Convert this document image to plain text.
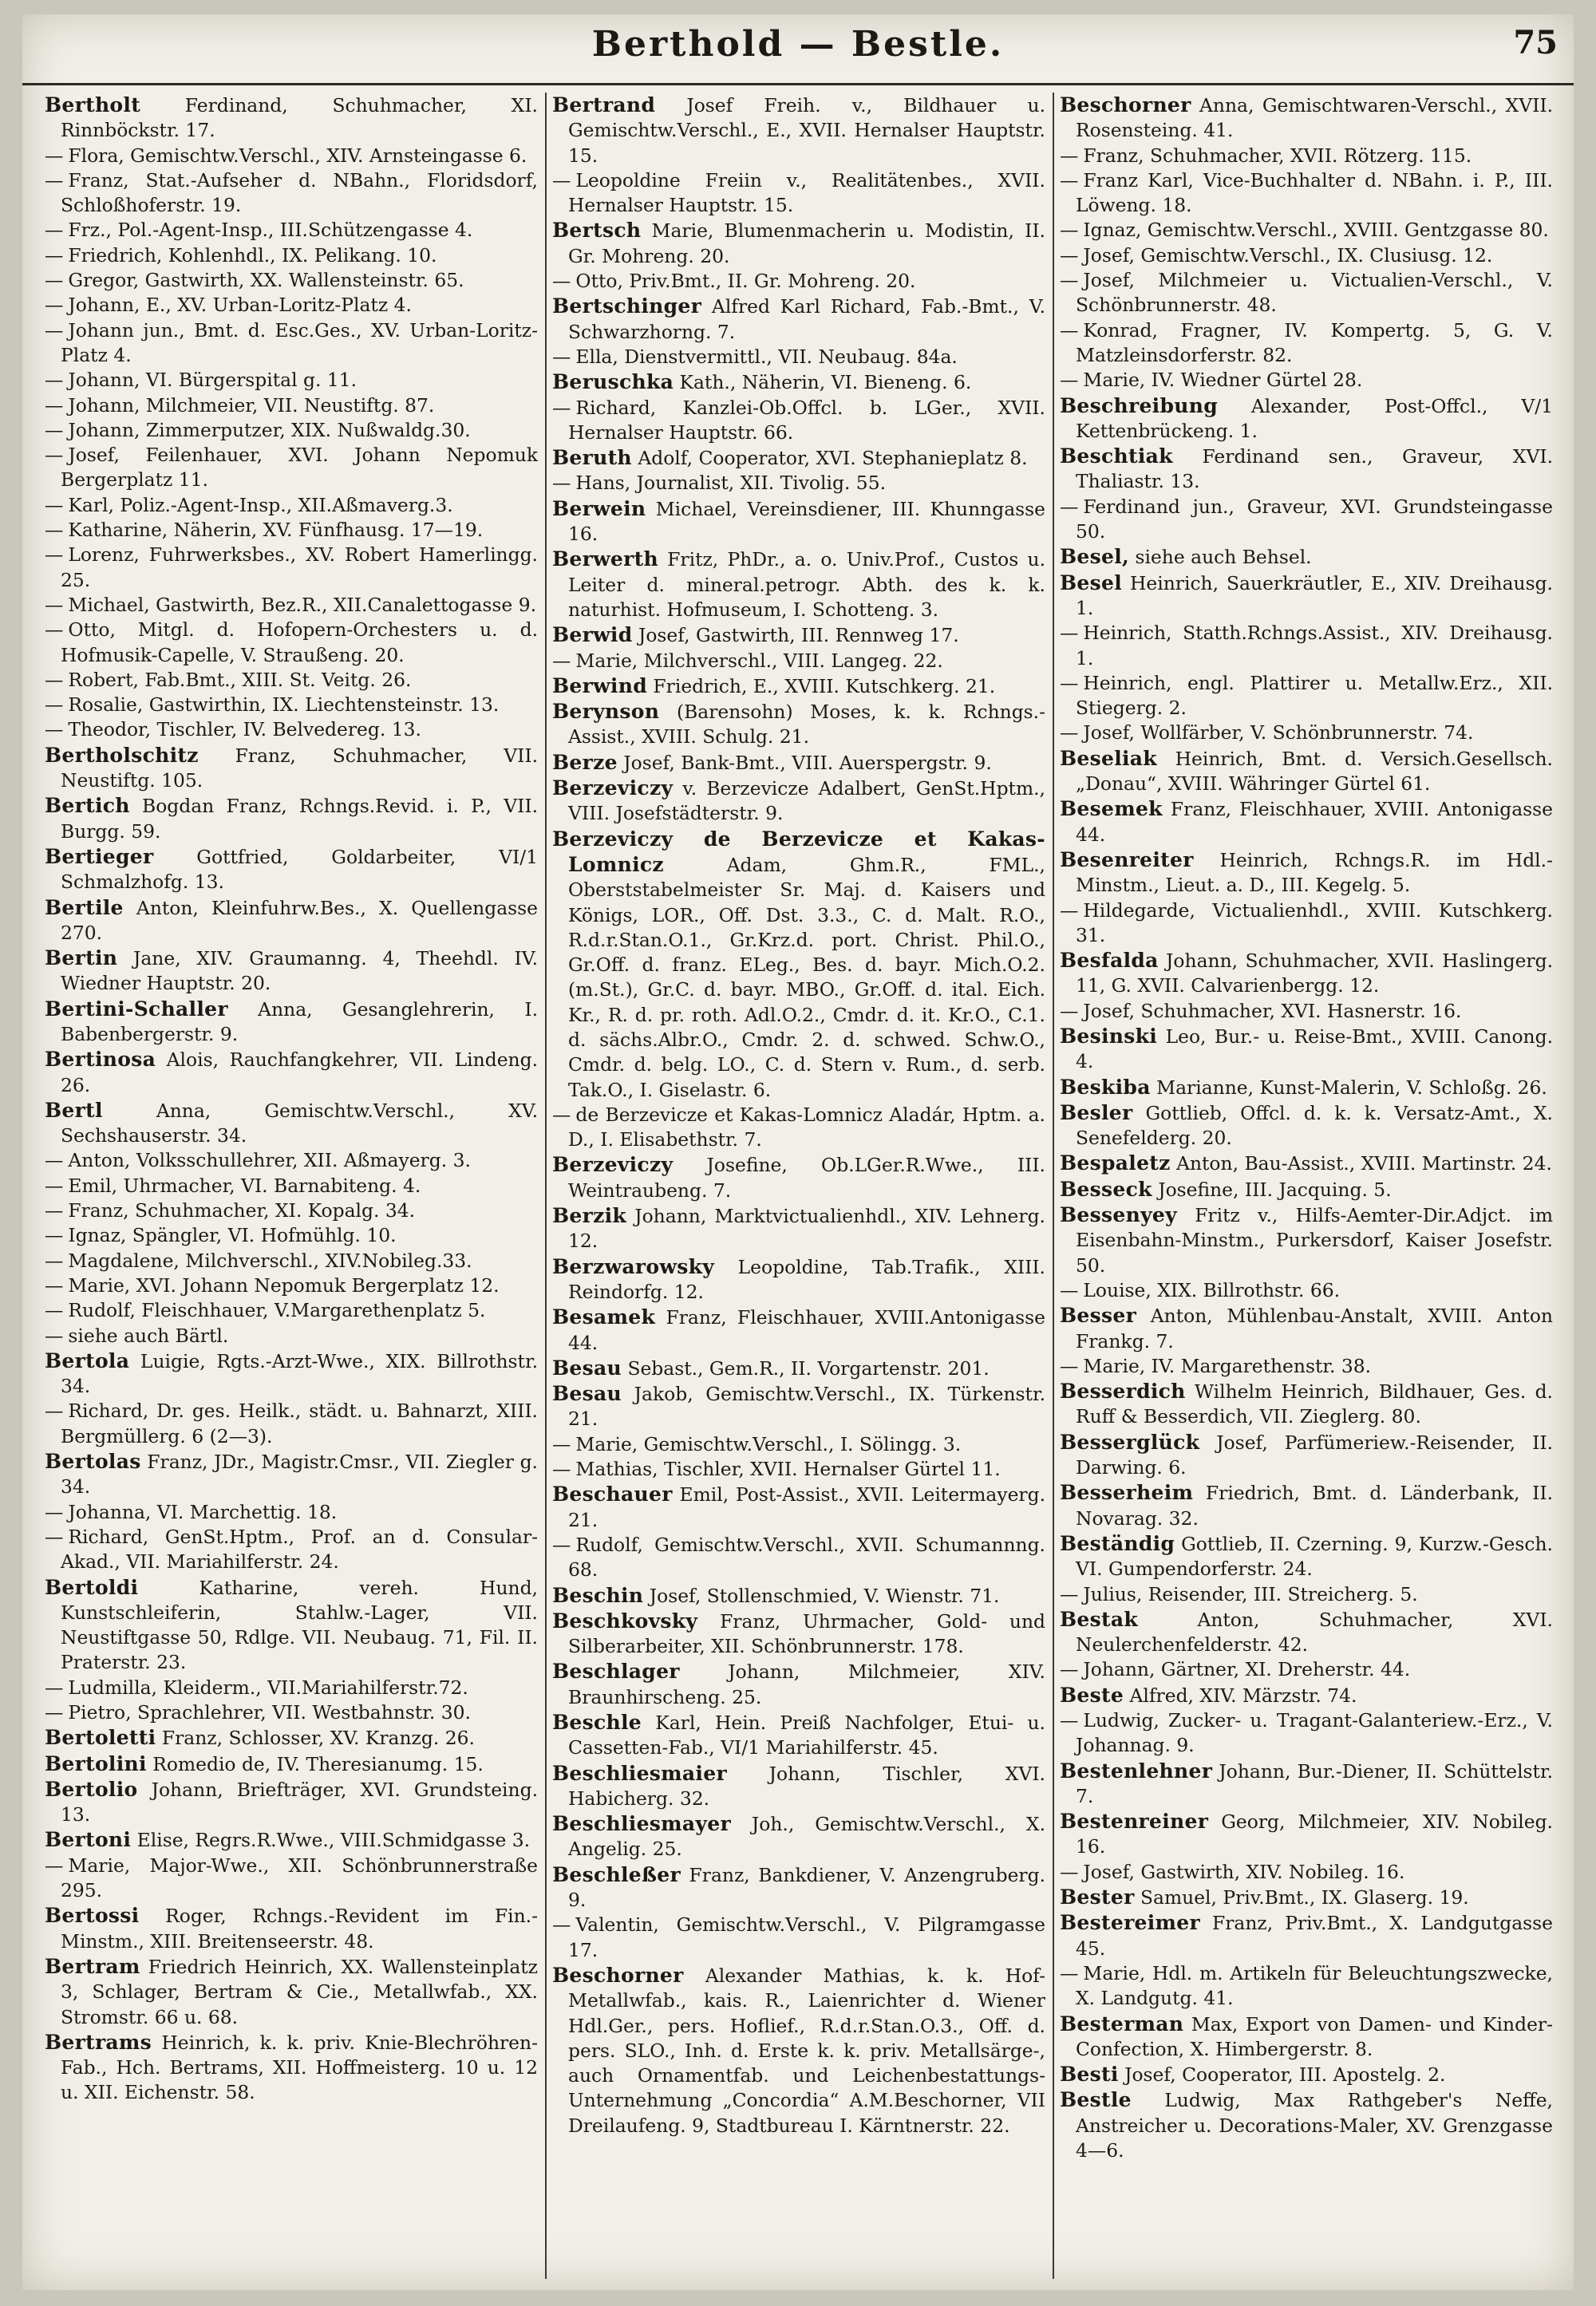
Berthold — Bestle.	75

Bertholt Ferdinand, Schuhmacher, XI. Rinnböckstr. 17.

— Flora, Gemischtw.Verschl., XIV. Arnsteingasse 6.

— Franz, Stat.-Aufseher d. NBahn., Floridsdorf, Schloßhoferstr. 19.

— Frz., Pol.-Agent-Insp., III.Schützengasse 4.

— Friedrich, Kohlenhdl., IX. Pelikang. 10.

— Gregor, Gastwirth, XX. Wallensteinstr. 65.

— Johann, E., XV. Urban-Loritz-Platz 4.

— Johann jun., Bmt. d. Esc.Ges., XV. Urban-Loritz-Platz 4.

— Johann, VI. Bürgerspital g. 11.

— Johann, Milchmeier, VII. Neustiftg. 87.

— Johann, Zimmerputzer, XIX. Nußwaldg.30.

— Josef, Feilenhauer, XVI. Johann Nepomuk Bergerplatz 11.

— Karl, Poliz.-Agent-Insp., XII.Aßmaverg.3.

— Katharine, Näherin, XV. Fünfhausg. 17—19.

— Lorenz, Fuhrwerksbes., XV. Robert Hamerlingg. 25.

— Michael, Gastwirth, Bez.R., XII.Canalettogasse 9.

— Otto, Mitgl. d. Hofopern-Orchesters u. d. Hofmusik-Capelle, V. Straußeng. 20.

— Robert, Fab.Bmt., XIII. St. Veitg. 26.

— Rosalie, Gastwirthin, IX. Liechtensteinstr. 13.

— Theodor, Tischler, IV. Belvedereg. 13.

Bertholschitz Franz, Schuhmacher, VII. Neustiftg. 105.

Bertich Bogdan Franz, Rchngs.Revid. i. P., VII. Burgg. 59.

Bertieger Gottfried, Goldarbeiter, VI/1 Schmalzhofg. 13.

Bertile Anton, Kleinfuhrw.Bes., X. Quellengasse 270.

Bertin Jane, XIV. Graumanng. 4, Theehdl. IV. Wiedner Hauptstr. 20.

Bertini-Schaller Anna, Gesanglehrerin, I. Babenbergerstr. 9.

Bertinosa Alois, Rauchfangkehrer, VII. Lindeng. 26.

Bertl	Anna, Gemischtw.Verschl., XV. Sechshauserstr. 34.

— Anton, Volksschullehrer, XII. Aßmayerg. 3.

— Emil, Uhrmacher, VI. Barnabiteng. 4.

— Franz, Schuhmacher, XI. Kopalg. 34.

— Ignaz, Spängler, VI. Hofmühlg. 10.

— Magdalene, Milchverschl., XIV.Nobileg.33.

— Marie, XVI. Johann Nepomuk Bergerplatz 12.

— Rudolf, Fleischhauer, V.Margarethenplatz 5.

— siehe auch Bärtl.

Bertola Luigie, Rgts.-Arzt-Wwe., XIX. Billrothstr. 34.

— Richard, Dr. ges. Heilk., städt. u. Bahnarzt, XIII. Bergmüllerg. 6 (2—3).

Bertolas Franz, JDr., Magistr.Cmsr., VII. Ziegler g. 34.

— Johanna, VI. Marchettig. 18.

— Richard, GenSt.Hptm., Prof. an d. Consular-Akad., VII. Mariahilferstr. 24.

Bertoldi	Katharine, vereh. Hund, Kunstschleiferin, Stahlw.-Lager, VII. Neustiftgasse 50, Rdlge. VII. Neubaug. 71, Fil. II. Praterstr. 23.

— Ludmilla, Kleiderm., VII.Mariahilferstr.72.

— Pietro, Sprachlehrer, VII. Westbahnstr. 30.

Bertoletti Franz, Schlosser, XV. Kranzg. 26.

Bertolini Romedio de, IV. Theresianumg. 15.

Bertolio Johann, Briefträger, XVI. Grundsteing. 13.

Bertoni Elise, Regrs.R.Wwe., VIII.Schmidgasse 3.

— Marie, Major-Wwe., XII. Schönbrunnerstraße 295.

Bertossi Roger, Rchngs.-Revident im Fin.-Minstm., XIII. Breitenseerstr. 48.

Bertram Friedrich Heinrich, XX. Wallensteinplatz 3, Schlager, Bertram & Cie., Metallwfab., XX. Stromstr. 66 u. 68.

Bertrams Heinrich, k. k. priv. Knie-Blechröhren-Fab., Hch. Bertrams, XII. Hoffmeisterg. 10 u. 12 u. XII. Eichenstr. 58.

Bertrand Josef Freih. v., Bildhauer u. Gemischtw.Verschl., E., XVII. Hernalser Hauptstr. 15.

— Leopoldine Freiin v., Realitätenbes., XVII. Hernalser Hauptstr. 15.

Bertsch Marie, Blumenmacherin u. Modistin, II. Gr. Mohreng. 20.

— Otto, Priv.Bmt., II. Gr. Mohreng. 20.

Bertschinger Alfred Karl Richard, Fab.-Bmt., V. Schwarzhorng. 7.

— Ella, Dienstvermittl., VII. Neubaug. 84a.

Beruschka Kath., Näherin, VI. Bieneng. 6.

— Richard, Kanzlei-Ob.Offcl. b. LGer., XVII. Hernalser Hauptstr. 66.

Beruth Adolf, Cooperator, XVI. Stephanieplatz 8.

— Hans, Journalist, XII. Tivolig. 55.

Berwein Michael, Vereinsdiener, III. Khunngasse 16.

Berwerth Fritz, PhDr., a. o. Univ.Prof., Custos u. Leiter d. mineral.petrogr. Abth. des k. k. naturhist. Hofmuseum, I. Schotteng. 3.

Berwid Josef, Gastwirth, III. Rennweg 17.

— Marie, Milchverschl., VIII. Langeg. 22.

Berwind Friedrich, E., XVIII. Kutschkerg. 21.

Berynson (Barensohn) Moses, k. k. Rchngs.-Assist., XVIII. Schulg. 21.

Berze Josef, Bank-Bmt., VIII. Auerspergstr. 9.

Berzeviczy v. Berzevicze Adalbert, GenSt.Hptm., VIII. Josefstädterstr. 9.

Berzeviczy de Berzevicze et Kakas-Lomnicz	Adam, Ghm.R., FML., Oberststabelmeister Sr. Maj. d. Kaisers und Königs, LOR., Off. Dst. 3.3., C. d. Malt. R.O., R.d.r.Stan.O.1., Gr.Krz.d. port. Christ. Phil.O., Gr.Off. d. franz. ELeg., Bes. d. bayr. Mich.O.2. (m.St.), Gr.C. d. bayr. MBO., Gr.Off. d. ital. Eich. Kr., R. d. pr. roth. Adl.O.2., Cmdr. d. it. Kr.O., C.1. d. sächs.Albr.O., Cmdr. 2. d. schwed. Schw.O., Cmdr. d. belg. LO., C. d. Stern v. Rum., d. serb. Tak.O., I. Giselastr. 6.

— de Berzevicze et Kakas-Lomnicz Aladár, Hptm. a. D., I. Elisabethstr. 7.

Berzeviczy Josefine, Ob.LGer.R.Wwe., III. Weintraubeng. 7.

Berzik Johann, Marktvictualienhdl., XIV. Lehnerg. 12.

Berzwarowsky Leopoldine, Tab.Trafik., XIII. Reindorfg. 12.

Besamek Franz, Fleischhauer, XVIII.Antonigasse 44.

Besau Sebast., Gem.R., II. Vorgartenstr. 201.

Besau Jakob, Gemischtw.Verschl., IX. Türkenstr. 21.

— Marie, Gemischtw.Verschl., I. Sölingg. 3.

— Mathias, Tischler, XVII. Hernalser Gürtel 11.

Beschauer Emil, Post-Assist., XVII. Leitermayerg. 21.

— Rudolf, Gemischtw.Verschl., XVII. Schumannng. 68.

Beschin Josef, Stollenschmied, V. Wienstr. 71.

Beschkovsky Franz, Uhrmacher, Gold- und Silberarbeiter, XII. Schönbrunnerstr. 178.

Beschlager	Johann, Milchmeier, XIV. Braunhirscheng. 25.

Beschle Karl, Hein. Preiß Nachfolger, Etui- u. Cassetten-Fab., VI/1 Mariahilferstr. 45.

Beschliesmaier Johann, Tischler, XVI. Habicherg. 32.

Beschliesmayer Joh., Gemischtw.Verschl., X. Angelig. 25.

Beschleßer Franz, Bankdiener, V. Anzengruberg. 9.

— Valentin, Gemischtw.Verschl., V. Pilgramgasse 17.

Beschorner Alexander Mathias, k. k. Hof-Metallwfab., kais. R., Laienrichter d. Wiener Hdl.Ger., pers. Hoflief., R.d.r.Stan.O.3., Off. d. pers. SLO., Inh. d. Erste k. k. priv. Metallsärge-, auch Ornamentfab. und Leichenbestattungs-Unternehmung „Concordia“ A.M.Beschorner, VII Dreilaufeng. 9, Stadtbureau I. Kärntnerstr. 22.

Beschorner Anna, Gemischtwaren-Verschl., XVII. Rosensteing. 41.

— Franz, Schuhmacher, XVII. Rötzerg. 115.

— Franz Karl, Vice-Buchhalter d. NBahn. i. P., III. Löweng. 18.

— Ignaz, Gemischtw.Verschl., XVIII. Gentzgasse 80.

— Josef, Gemischtw.Verschl., IX. Clusiusg. 12.

— Josef, Milchmeier u. Victualien-Verschl., V. Schönbrunnerstr. 48.

— Konrad, Fragner, IV. Kompertg. 5, G. V. Matzleinsdorferstr. 82.

— Marie, IV. Wiedner Gürtel 28.

Beschreibung Alexander, Post-Offcl., V/1 Kettenbrückeng. 1.

Beschtiak Ferdinand sen., Graveur, XVI. Thaliastr. 13.

— Ferdinand jun., Graveur, XVI. Grundsteingasse 50.

Besel, siehe auch Behsel.

Besel Heinrich, Sauerkräutler, E., XIV. Dreihausg. 1.

— Heinrich, Statth.Rchngs.Assist., XIV. Dreihausg. 1.

— Heinrich, engl. Plattirer u. Metallw.Erz., XII. Stiegerg. 2.

— Josef, Wollfärber, V. Schönbrunnerstr. 74.

Beseliak Heinrich, Bmt. d. Versich.Gesellsch. „Donau“, XVIII. Währinger Gürtel 61.

Besemek Franz, Fleischhauer, XVIII. Antonigasse 44.

Besenreiter Heinrich, Rchngs.R. im Hdl.-Minstm., Lieut. a. D., III. Kegelg. 5.

— Hildegarde, Victualienhdl., XVIII. Kutschkerg. 31.

Besfalda Johann, Schuhmacher, XVII. Haslingerg. 11, G. XVII. Calvarienbergg. 12.

— Josef, Schuhmacher, XVI. Hasnerstr. 16.

Besinski Leo, Bur.- u. Reise-Bmt., XVIII. Canong. 4.

Beskiba Marianne, Kunst-Malerin, V. Schloßg. 26.

Besler Gottlieb, Offcl. d. k. k. Versatz-Amt., X. Senefelderg. 20.

Bespaletz Anton, Bau-Assist., XVIII. Martinstr. 24.

Besseck Josefine, III. Jacquing. 5.

Bessenyey Fritz v., Hilfs-Aemter-Dir.Adjct. im Eisenbahn-Minstm., Purkersdorf, Kaiser Josefstr. 50.

— Louise, XIX. Billrothstr. 66.

Besser Anton, Mühlenbau-Anstalt, XVIII. Anton Frankg. 7.

— Marie, IV. Margarethenstr. 38.

Besserdich Wilhelm Heinrich, Bildhauer, Ges. d. Ruff & Besserdich, VII. Zieglerg. 80.

Besserglück Josef, Parfümeriew.-Reisender, II. Darwing. 6.

Besserheim Friedrich, Bmt. d. Länderbank, II. Novarag. 32.

Beständig Gottlieb, II. Czerning. 9, Kurzw.-Gesch. VI. Gumpendorferstr. 24.

— Julius, Reisender, III. Streicherg. 5.

Bestak	Anton, Schuhmacher, XVI. Neulerchenfelderstr. 42.

— Johann, Gärtner, XI. Dreherstr. 44.

Beste Alfred, XIV. Märzstr. 74.

— Ludwig, Zucker- u. Tragant-Galanteriew.-Erz., V. Johannag. 9.

Bestenlehner Johann, Bur.-Diener, II. Schüttelstr. 7.

Bestenreiner Georg, Milchmeier, XIV. Nobileg. 16.

— Josef, Gastwirth, XIV. Nobileg. 16.

Bester Samuel, Priv.Bmt., IX. Glaserg. 19.

Bestereimer Franz, Priv.Bmt., X. Landgutgasse 45.

— Marie, Hdl. m. Artikeln für Beleuchtungszwecke, X. Landgutg. 41.

Besterman Max, Export von Damen- und Kinder-Confection, X. Himbergerstr. 8.

Besti Josef, Cooperator, III. Apostelg. 2.

Bestle Ludwig, Max Rathgeber's Neffe, Anstreicher u. Decorations-Maler, XV. Grenzgasse 4—6.
